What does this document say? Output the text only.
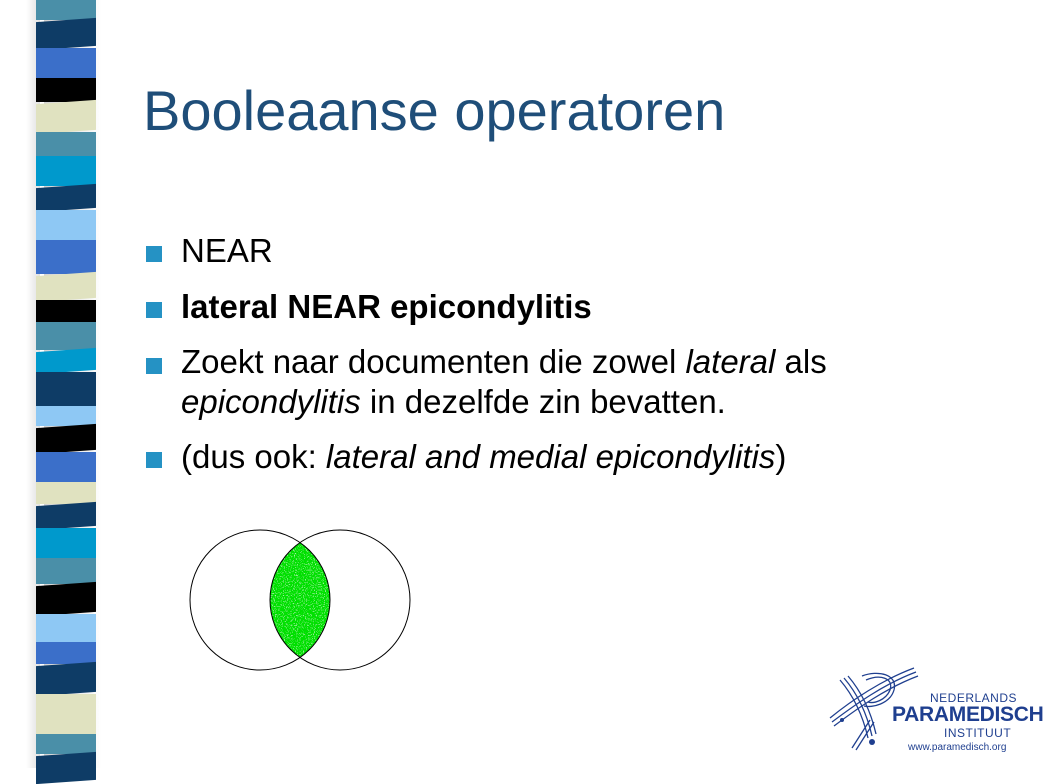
Booleaanse operatoren
NEAR
lateral NEAR epicondylitis
Zoekt naar documenten die zowel lateral als
epicondylitis in dezelfde zin bevatten.
(dus ook: lateral and medial epicondylitis)
NEDERLANDS
PARAMEDISCH
INSTITUUT
www.paramedisch.org
